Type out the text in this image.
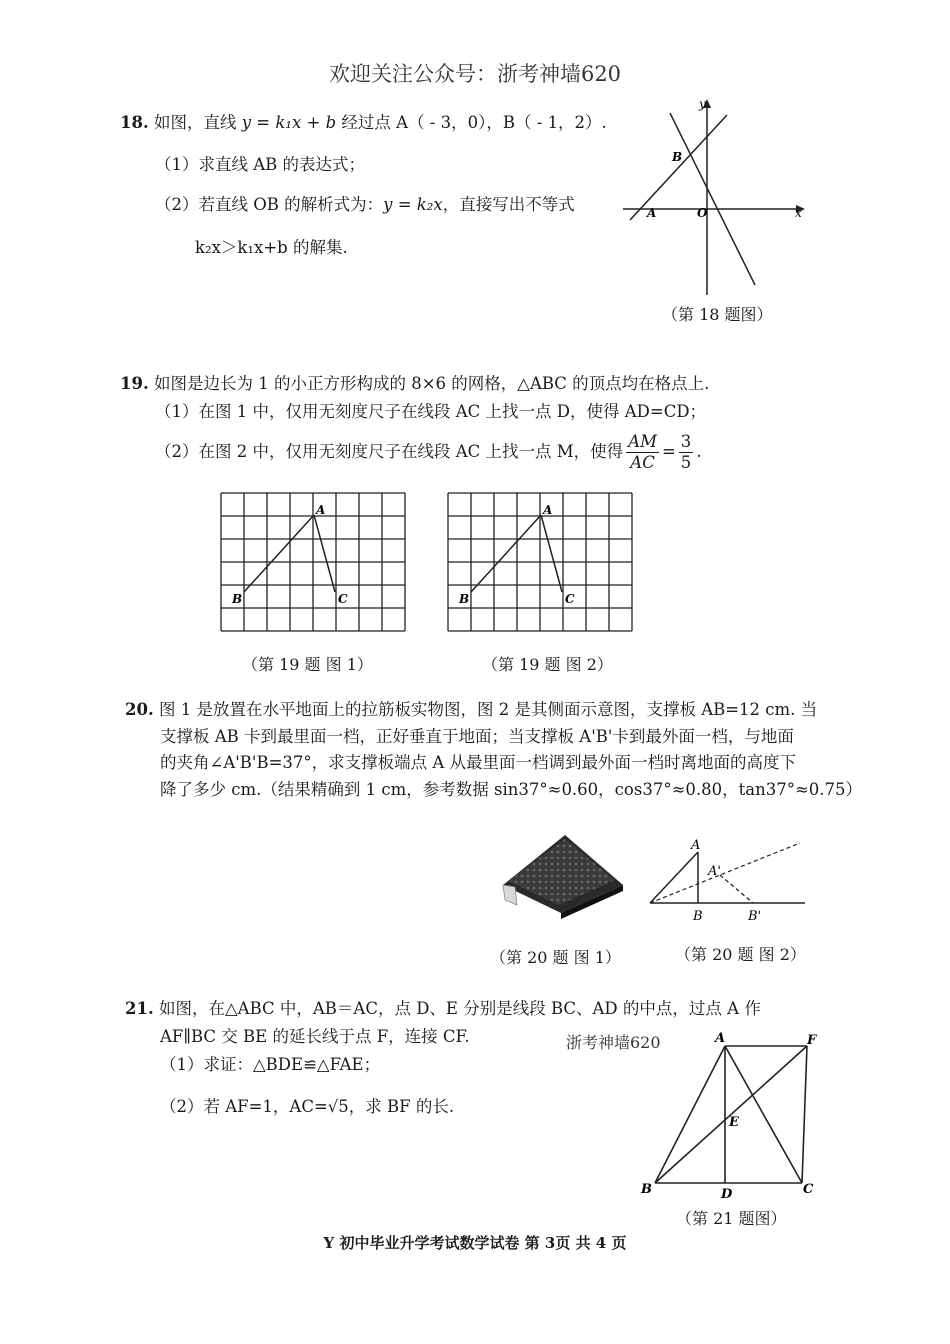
欢迎关注公众号：浙考神墙620
18. 如图，直线 y = k₁x + b 经过点 A（ - 3，0），B（ - 1，2）.
（1）求直线 AB 的表达式；
（2）若直线 OB 的解析式为：y = k₂x，直接写出不等式
k₂x＞k₁x+b 的解集.
y
x
A
B
O
（第 18 题图）
19. 如图是边长为 1 的小正方形构成的 8×6 的网格，△ABC 的顶点均在格点上.
（1）在图 1 中，仅用无刻度尺子在线段 AC 上找一点 D，使得 AD=CD；
（2）在图 2 中，仅用无刻度尺子在线段 AC 上找一点 M，使得 $\frac{AM}{AC} = \frac{3}{5}$ .
A
B	C
（第 19 题 图 1）
A
B	C
（第 19 题 图 2）
20. 图 1 是放置在水平地面上的拉筋板实物图，图 2 是其侧面示意图，支撑板 AB=12 cm. 当
支撑板 AB 卡到最里面一档，正好垂直于地面；当支撑板 A'B'卡到最外面一档，与地面
的夹角∠A'B'B=37°，求支撑板端点 A 从最里面一档调到最外面一档时离地面的高度下
降了多少 cm.（结果精确到 1 cm，参考数据 sin37°≈0.60，cos37°≈0.80，tan37°≈0.75）
（第 20 题 图 1）
A
A'
B	B'
（第 20 题 图 2）
21. 如图，在△ABC 中，AB＝AC，点 D、E 分别是线段 BC、AD 的中点，过点 A 作
AF∥BC 交 BE 的延长线于点 F，连接 CF.	浙考神墙620
（1）求证：△BDE≌△FAE；
（2）若 AF=1，AC=√5，求 BF 的长.
A	F
E
B	D	C
（第 21 题图）
Y 初中毕业升学考试数学试卷 第 3页 共 4 页
